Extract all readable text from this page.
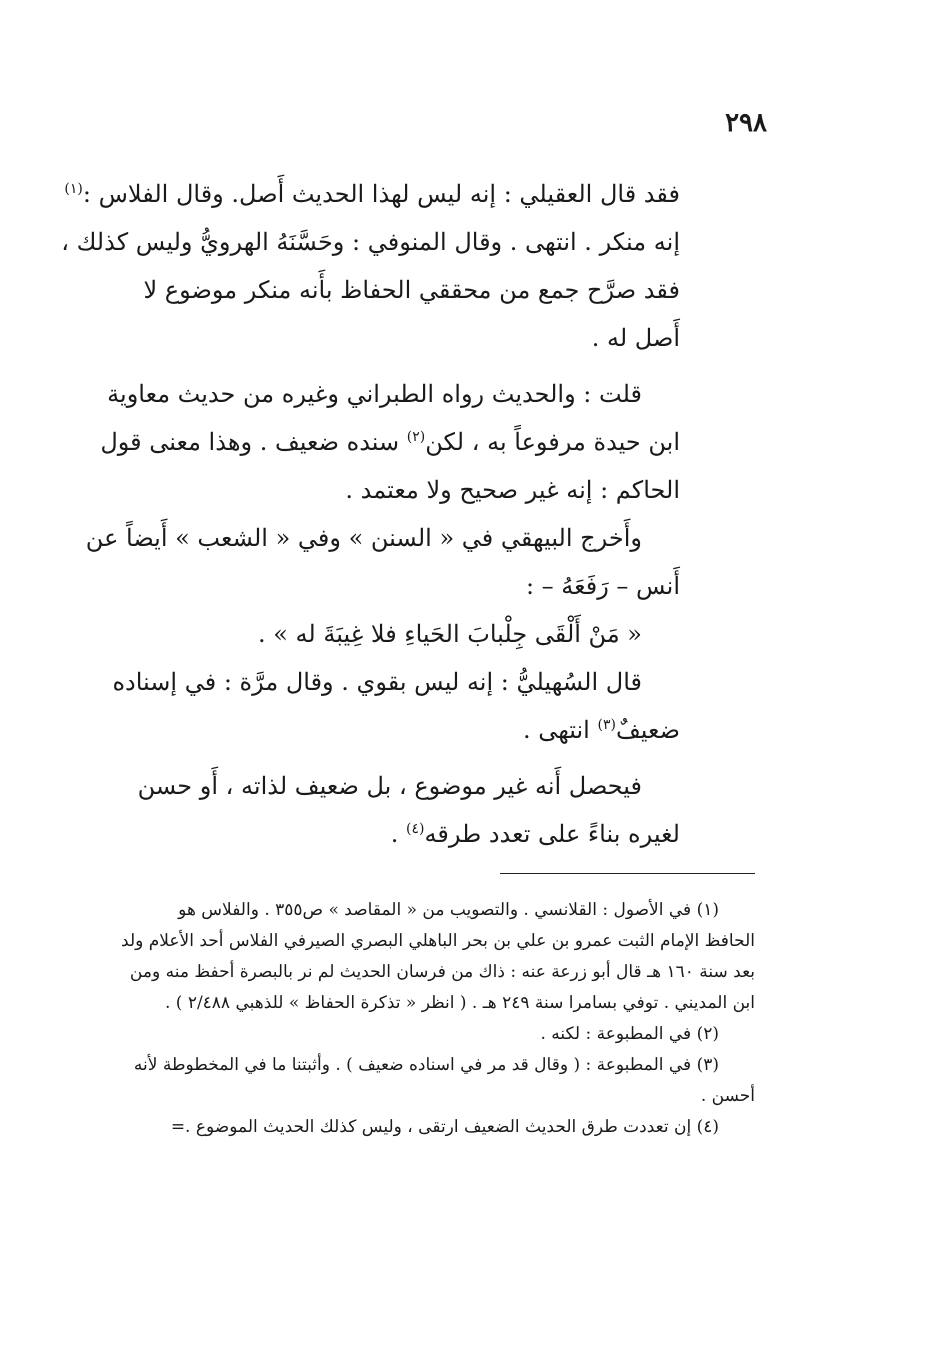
٢٩٨
فقد قال العقيلي : إنه ليس لهذا الحديث أَصل. وقال الفلاس :$^{(١)}$
إنه منكر . انتهى . وقال المنوفي : وحَسَّنَهُ الهرويُّ وليس كذلك ،
فقد صرَّح جمع من محققي الحفاظ بأَنه منكر موضوع لا
أَصل له .
قلت : والحديث رواه الطبراني وغيره من حديث معاوية
ابن حيدة مرفوعاً به ، لكن$^{(٢)}$ سنده ضعيف . وهذا معنى قول
الحاكم : إنه غير صحيح ولا معتمد .
وأَخرج البيهقي في « السنن » وفي « الشعب » أَيضاً عن
أَنس – رَفَعَهُ – :
« مَنْ أَلْقَى جِلْبابَ الحَياءِ فلا غِيبَةَ له » .
قال السُهيليُّ : إنه ليس بقوي . وقال مرَّة : في إسناده
ضعيفٌ$^{(٣)}$ انتهى .
فيحصل أَنه غير موضوع ، بل ضعيف لذاته ، أَو حسن
لغيره بناءً على تعدد طرقه$^{(٤)}$ .
(١) في الأصول : القلانسي . والتصويب من « المقاصد » ص٣٥٥ . والفلاس هو
الحافظ الإمام الثبت عمرو بن علي بن بحر الباهلي البصري الصيرفي الفلاس أحد الأعلام ولد
بعد سنة ١٦٠ هـ قال أبو زرعة عنه : ذاك من فرسان الحديث لم نر بالبصرة أحفظ منه ومن
ابن المديني . توفي بسامرا سنة ٢٤٩ هـ . ( انظر « تذكرة الحفاظ » للذهبي ٢/٤٨٨ ) .
(٢) في المطبوعة : لكنه .
(٣) في المطبوعة : ( وقال قد مر في اسناده ضعيف ) . وأثبتنا ما في المخطوطة لأنه
أحسن .
(٤) إن تعددت طرق الحديث الضعيف ارتقى ، وليس كذلك الحديث الموضوع .=
